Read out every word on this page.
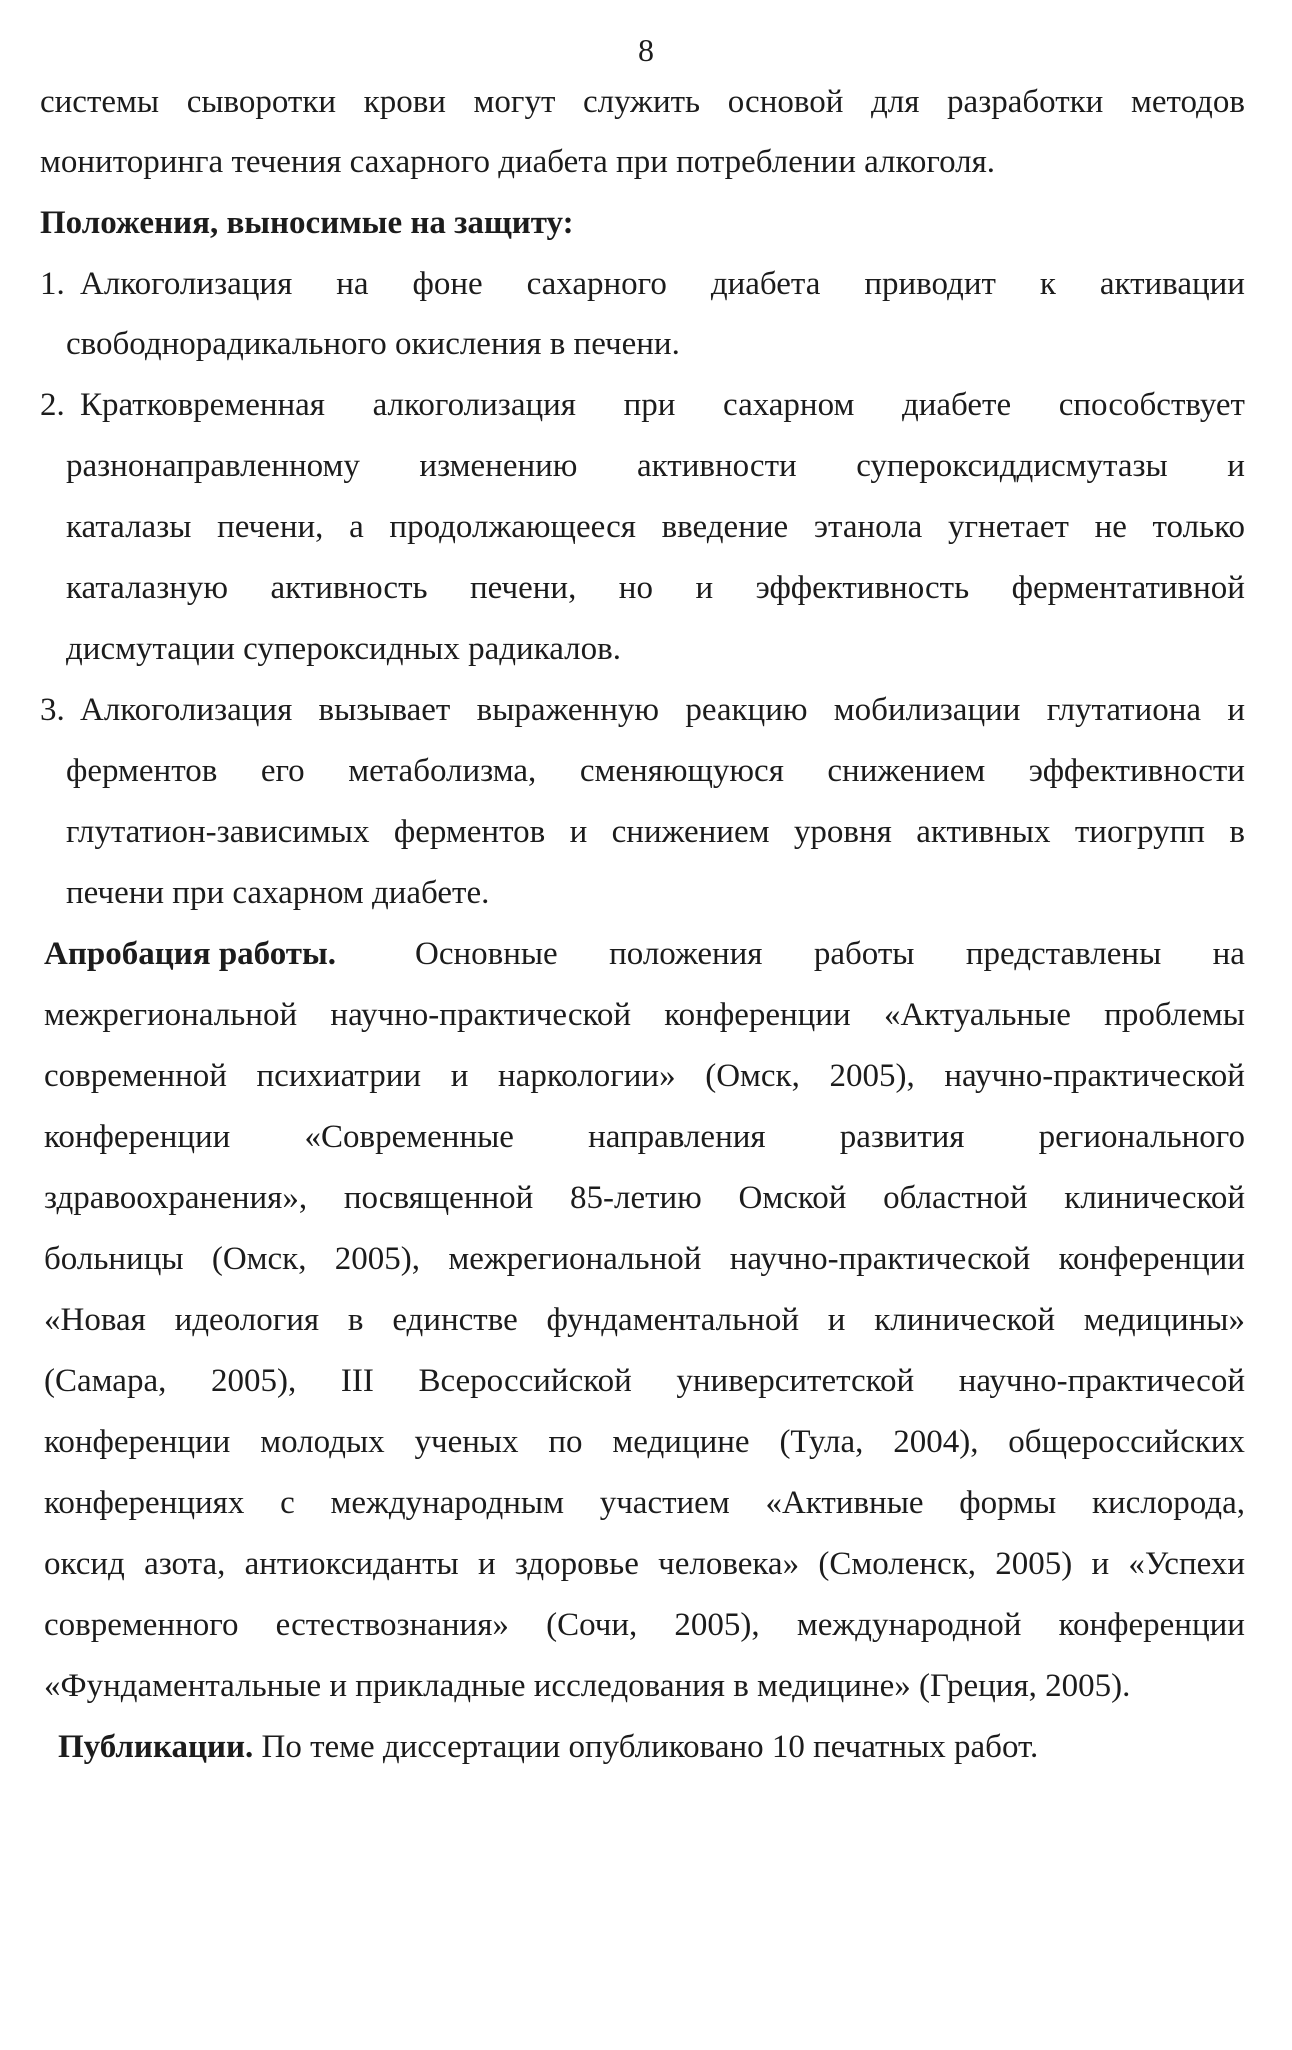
8
системы сыворотки крови могут служить основой для разработки методов
мониторинга течения сахарного диабета при потреблении алкоголя.
Положения, выносимые на защиту:
1. Алкоголизация на фоне сахарного диабета приводит к активации
свободнорадикального окисления в печени.
2. Кратковременная алкоголизация при сахарном диабете способствует
разнонаправленному изменению активности супероксиддисмутазы и
каталазы печени, а продолжающееся введение этанола угнетает не только
каталазную активность печени, но и эффективность ферментативной
дисмутации супероксидных радикалов.
3. Алкоголизация вызывает выраженную реакцию мобилизации глутатиона и
ферментов его метаболизма, сменяющуюся снижением эффективности
глутатион-зависимых ферментов и снижением уровня активных тиогрупп в
печени при сахарном диабете.
Апробация работы. Основные положения работы представлены на
межрегиональной научно-практической конференции «Актуальные проблемы
современной психиатрии и наркологии» (Омск, 2005), научно-практической
конференции «Современные направления развития регионального
здравоохранения», посвященной 85-летию Омской областной клинической
больницы (Омск, 2005), межрегиональной научно-практической конференции
«Новая идеология в единстве фундаментальной и клинической медицины»
(Самара, 2005), III Всероссийской университетской научно-практичесой
конференции молодых ученых по медицине (Тула, 2004), общероссийских
конференциях с международным участием «Активные формы кислорода,
оксид азота, антиоксиданты и здоровье человека» (Смоленск, 2005) и «Успехи
современного естествознания» (Сочи, 2005), международной конференции
«Фундаментальные и прикладные исследования в медицине» (Греция, 2005).
Публикации. По теме диссертации опубликовано 10 печатных работ.
